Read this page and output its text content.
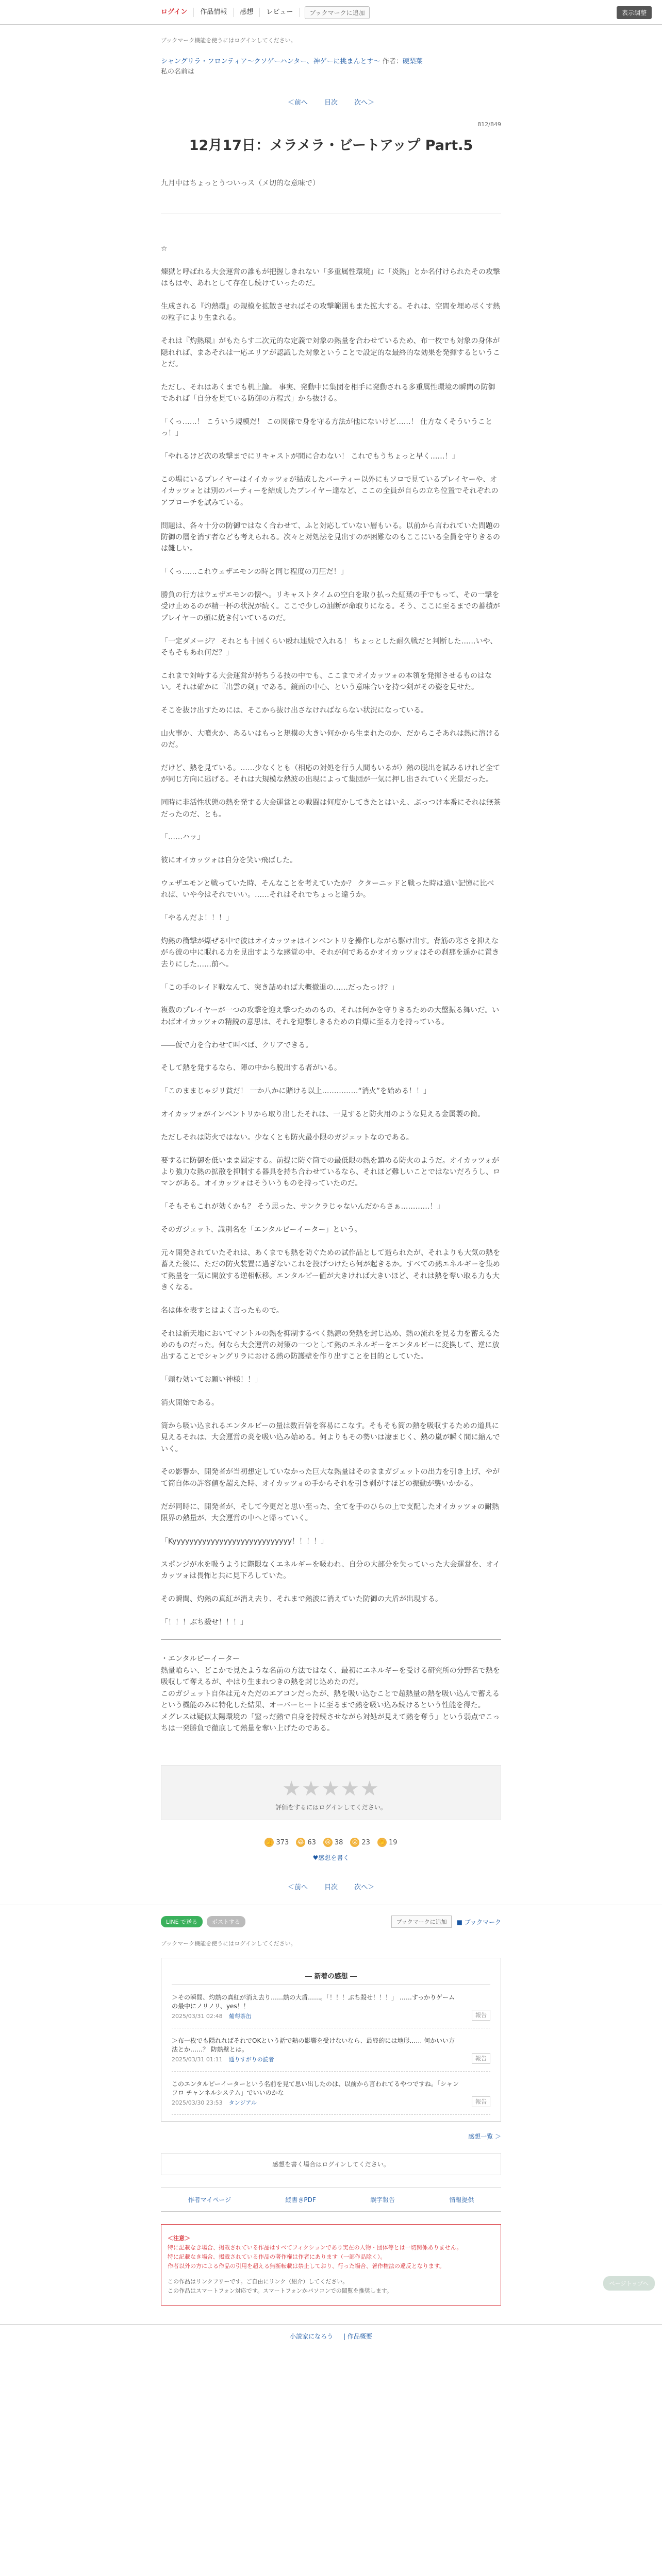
ログイン	作品情報	感想	レビュー	ブックマークに追加	表示調整
ブックマーク機能を使うにはログインしてください。
シャングリラ・フロンティア〜クソゲーハンター、神ゲーに挑まんとす〜 作者：硬梨菜
私の名前は
＜前へ 目次 次へ＞
812/849
12月17日：メラメラ・ビートアップ Part.5
九月中はちょっとうついっス（メ切的な意味で）

☆

煉獄と呼ばれる大会運営の誰もが把握しきれない「多重属性環境」に「炎熱」とか名付けられたその攻撃はもはや、あれとして存在し続けていったのだ。

生成される『灼熱環』の規模を拡散させればその攻撃範囲もまた拡大する。それは、空間を埋め尽くす熱の粒子により生まれる。

それは『灼熱環』がもたらす二次元的な定義で対象の熱量を合わせているため、布一枚でも対象の身体が隠れれば、まあそれは一応エリアが認識した対象ということで設定的な最終的な効果を発揮するということだ。

ただし、それはあくまでも机上論。 事実、発動中に集団を相手に発動される多重属性環境の瞬間の防御であれば「自分を見ている防御の方程式」から抜ける。

「くっ……！ こういう規模だ！ この関係で身を守る方法が他にないけど……！ 仕方なくそういうことっ！」

「やれるけど次の攻撃までにリキャストが間に合わない！ これでもうちょっと早く……！」

この場にいるプレイヤーはイイカッツォが結成したパーティー以外にもソロで見ているプレイヤーや、オイカッツォとは別のパーティーを結成したプレイヤー達など、ここの全員が自らの立ち位置でそれぞれのアプローチを試みている。

問題は、各々十分の防御ではなく合わせて、ふと対応していない層もいる。以前から言われていた問題の防御の層を消す者なども考えられる。次々と対処法を見出すのが困難なのもここにいる全員を守りきるのは難しい。

「くっ……これウェザエモンの時と同じ程度の刀圧だ！」

勝負の行方はウェザエモンの懐へ。リキャストタイムの空白を取り払った紅葉の手でもって、その一撃を受け止めるのが精一杯の状況が続く。ここで少しの油断が命取りになる。そう、ここに至るまでの蓄積がプレイヤーの頭に焼き付いているのだ。

「一定ダメージ？ それとも十回くらい殴れ連続で入れる！ ちょっとした耐久戦だと判断した……いや、そもそもあれ何だ？」

これまで対峙する大会運営が持ちうる技の中でも、ここまでオイカッツォの本領を発揮させるものはない。それは確かに『出雲の剣』である。鏡面の中心、という意味合いを持つ剣がその姿を見せた。

そこを抜け出すためには、そこから抜け出さなければならない状況になっている。

山火事か、大噴火か、あるいはもっと規模の大きい何かから生まれたのか、だからこそあれは熱に溶けるのだ。

だけど、熱を見ている。……少なくとも（相応の対処を行う人間もいるが）熱の脱出を試みるけれど全てが同じ方向に逃げる。それは大規模な熱波の出現によって集団が一気に押し出されていく光景だった。

同時に非活性状態の熱を発する大会運営との戦闘は何度かしてきたとはいえ、ぶっつけ本番にそれは無茶だったのだ、とも。

「……ハッ」

彼にオイカッツォは自分を笑い飛ばした。

ウェザエモンと戦っていた時、そんなことを考えていたか？ クターニッドと戦った時は遠い記憶に比べれば、いや今はそれでいい。……それはそれでちょっと違うか。

「やるんだよ！！！」

灼熱の衝撃が爆ぜる中で彼はオイカッツォはインベントリを操作しながら駆け出す。背筋の寒さを抑えながら彼の中に眠れる力を見出すような感覚の中、それが何であるかオイカッツォはその刹那を遥かに置き去りにした……前へ。

「この手のレイド戦なんて、突き詰めれば大概撤退の……だったっけ？」

複数のプレイヤーが一つの攻撃を迎え撃つためのもの、それは何かを守りきるための大盤振る舞いだ。いわばオイカッツォの精鋭の意思は、それを迎撃しきるための自爆に至る力を持っている。

――仮で力を合わせて叫べば、クリアできる。

そして熱を発するなら、陣の中から脱出する者がいる。

「このままじゃジリ貧だ！ 一か八かに賭ける以上……………“消火”を始める！！」

オイカッツォがインベントリから取り出したそれは、一見すると防火用のような見える金属製の筒。

ただしそれは防火ではない。少なくとも防火最小限のガジェットなのである。

要するに防御を低いまま固定する。前提に防ぐ筒での最低限の熱を鎮める防火のようだ。オイカッツォがより強力な熱の拡散を抑制する器具を持ち合わせているなら、それほど難しいことではないだろうし、ロマンがある。オイカッツォはそういうものを持っていたのだ。

「そもそもこれが効くかも？ そう思った、サンクラじゃないんだからさぁ…………！」

そのガジェット、識別名を「エンタルピーイーター」という。

元々開発されていたそれは、あくまでも熱を防ぐための試作品として造られたが、それよりも大気の熱を蓄えた後に、ただの防火装置に過ぎないこれを投げつけたら何が起きるか。すべての熱エネルギーを集めて熱量を一気に開放する逆相転移。エンタルピー値が大きければ大きいほど、それは熱を奪い取る力も大きくなる。

名は体を表すとはよく言ったもので。

それは新天地においてマントルの熱を抑制するべく熱源の発熱を封じ込め、熱の流れを見る力を蓄えるためのものだった。何なら大会運営の対策の一つとして熱のエネルギーをエンタルピーに変換して、逆に放出することでシャングリラにおける熱の防護壁を作り出すことを目的としていた。

「頼む効いてお願い神様！！」

消火開始である。

筒から吸い込まれるエンタルピーの量は数百倍を容易にこなす。そもそも筒の熱を吸収するための道具に見えるそれは、大会運営の炎を吸い込み始める。何よりもその勢いは凄まじく、熱の嵐が瞬く間に縮んでいく。

その影響か、開発者が当初想定していなかった巨大な熱量はそのままガジェットの出力を引き上げ、やがて筒自体の許容値を超えた時、オイカッツォの手からそれを引き剥がすほどの振動が襲いかかる。

だが同時に、開発者が、そして今更だと思い至った、全てを手のひらの上で支配したオイカッツォの耐熱限界の熱量が、大会運営の中へと帰っていく。

「Kyyyyyyyyyyyyyyyyyyyyyyyyyyyy！！！！」

スポンジが水を吸うように際限なくエネルギーを吸われ、自分の大部分を失っていった大会運営を、オイカッツォは畏怖と共に見下ろしていた。

その瞬間、灼熱の真紅が消え去り、それまで熱波に消えていた防御の大盾が出現する。

「！！！ぶち殺せ！！！」

・エンタルピーイーター

熱量喰らい、どこかで見たような名前の方法ではなく、最初にエネルギーを受ける研究所の分野名で熱を吸収して奪えるが、やはり生まれつきの熱を封じ込めたのだ。

このガジェット自体は元々ただのエアコンだったが、熱を吸い込むことで超熱量の熱を吸い込んで蓄えるという機能のみに特化した結果、オーバーヒートに至るまで熱を吸い込み続けるという性能を得た。

メグレスは疑似太陽環境の「窒っだ熱で自身を持続させながら対処が見えて熱を奪う」という弱点でこっちは一発勝負で徹底して熱量を奪い上げたのである。

★★★★★
評価をするにはログインしてください。
👍 373 😂 63 😢 38 😮 23 👏 19
♥感想を書く
＜前へ 目次 次へ＞
LINE で送る	ポストする	ブックマークに追加	■ ブックマーク
ブックマーク機能を使うにはログインしてください。
― 新着の感想 ―
＞その瞬間、灼熱の真紅が消え去り……熱の大盾……。「！！！ぶち殺せ！！！」 ……すっかりゲームの最中にノリノリ、yes！！
2025/03/31 02:48 葡萄茶缶	報告
＞布一枚でも隠れればそれでOKという話で熱の影響を受けないなら、最終的には地形…… 何かいい方法とか……？ 防熱壁とは。
2025/03/31 01:11 通りすがりの読者	報告
このエンタルピーイーターという名前を見て思い出したのは、以前から言われてるやつですね。「シャンフロ チャンネルシステム」でいいのかな
2025/03/30 23:53 タンジアル	報告
感想一覧 ＞
感想を書く場合はログインしてください。
作者マイページ	縦書きPDF	誤字報告	情報提供
＜注意＞
特に記載なき場合、掲載されている作品はすべてフィクションであり実在の人物・団体等とは一切関係ありません。
特に記載なき場合、掲載されている作品の著作権は作者にあります（一部作品除く）。
作者以外の方による作品の引用を超える無断転載は禁止しており、行った場合、著作権法の違反となります。
この作品はリンクフリーです。ご自由にリンク（紹介）してください。
この作品はスマートフォン対応です。スマートフォンかパソコンでの閲覧を推奨します。
小説家になろう | 作品概要
ページトップへ
